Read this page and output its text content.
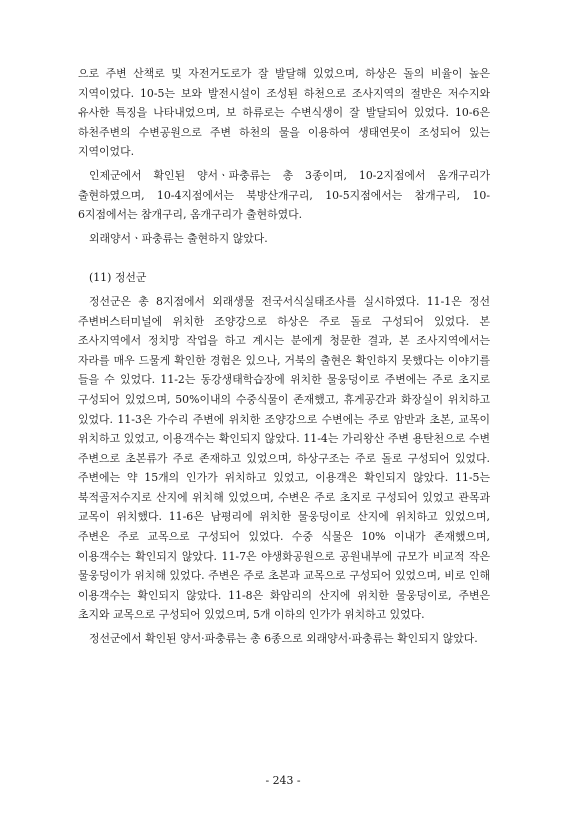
으로 주변 산책로 및 자전거도로가 잘 발달해 있었으며, 하상은 돌의 비율이 높은 지역이었다. 10-5는 보와 발전시설이 조성된 하천으로 조사지역의 절반은 저수지와 유사한 특징을 나타내었으며, 보 하류로는 수변식생이 잘 발달되어 있었다. 10-6은 하천주변의 수변공원으로 주변 하천의 물을 이용하여 생태연못이 조성되어 있는 지역이었다.

인제군에서 확인된 양서ㆍ파충류는 총 3종이며, 10-2지점에서 옴개구리가 출현하였으며, 10-4지점에서는 북방산개구리, 10-5지점에서는 참개구리, 10-6지점에서는 참개구리, 옴개구리가 출현하였다.

외래양서ㆍ파충류는 출현하지 않았다.

(11) 정선군

정선군은 총 8지점에서 외래생물 전국서식실태조사를 실시하였다. 11-1은 정선 주변버스터미널에 위치한 조양강으로 하상은 주로 돌로 구성되어 있었다. 본 조사지역에서 정치망 작업을 하고 계시는 분에게 청문한 결과, 본 조사지역에서는 자라를 매우 드물게 확인한 경험은 있으나, 거북의 출현은 확인하지 못했다는 이야기를 들을 수 있었다. 11-2는 동강생태학습장에 위치한 물웅덩이로 주변에는 주로 초지로 구성되어 있었으며, 50%이내의 수중식물이 존재했고, 휴게공간과 화장실이 위치하고 있었다. 11-3은 가수리 주변에 위치한 조양강으로 수변에는 주로 암반과 초본, 교목이 위치하고 있었고, 이용객수는 확인되지 않았다. 11-4는 가리왕산 주변 용탄천으로 수변 주변으로 초본류가 주로 존재하고 있었으며, 하상구조는 주로 돌로 구성되어 있었다. 주변에는 약 15개의 인가가 위치하고 있었고, 이용객은 확인되지 않았다. 11-5는 북적골저수지로 산지에 위치해 있었으며, 수변은 주로 초지로 구성되어 있었고 관목과 교목이 위치했다. 11-6은 남평리에 위치한 물웅덩이로 산지에 위치하고 있었으며, 주변은 주로 교목으로 구성되어 있었다. 수중 식물은 10% 이내가 존재했으며, 이용객수는 확인되지 않았다. 11-7은 야생화공원으로 공원내부에 규모가 비교적 작은 물웅덩이가 위치해 있었다. 주변은 주로 초본과 교목으로 구성되어 있었으며, 비로 인해 이용객수는 확인되지 않았다. 11-8은 화암리의 산지에 위치한 물웅덩이로, 주변은 초지와 교목으로 구성되어 있었으며, 5개 이하의 인가가 위치하고 있었다.

정선군에서 확인된 양서·파충류는 총 6종으로 외래양서·파충류는 확인되지 않았다.

- 243 -
